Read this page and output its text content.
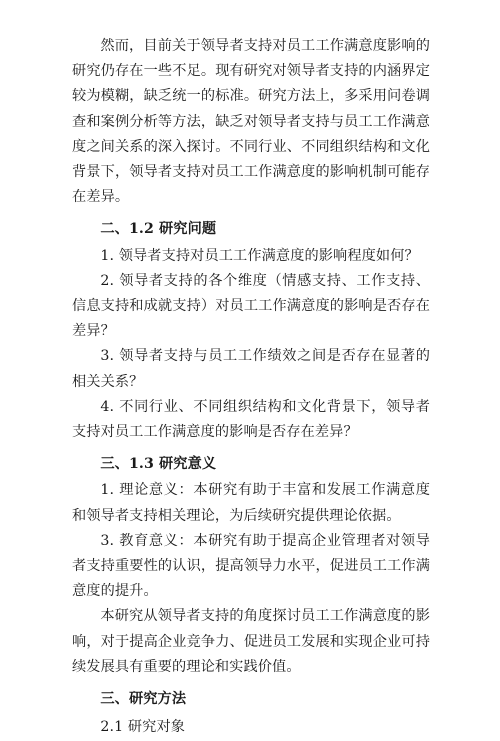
然而，目前关于领导者支持对员工工作满意度影响的研究仍存在一些不足。现有研究对领导者支持的内涵界定较为模糊，缺乏统一的标准。研究方法上，多采用问卷调查和案例分析等方法，缺乏对领导者支持与员工工作满意度之间关系的深入探讨。不同行业、不同组织结构和文化背景下，领导者支持对员工工作满意度的影响机制可能存在差异。

二、1.2 研究问题

1. 领导者支持对员工工作满意度的影响程度如何？

2. 领导者支持的各个维度（情感支持、工作支持、信息支持和成就支持）对员工工作满意度的影响是否存在差异？

3. 领导者支持与员工工作绩效之间是否存在显著的相关关系？

4. 不同行业、不同组织结构和文化背景下，领导者支持对员工工作满意度的影响是否存在差异？

三、1.3 研究意义

1. 理论意义：本研究有助于丰富和发展工作满意度和领导者支持相关理论，为后续研究提供理论依据。

3. 教育意义：本研究有助于提高企业管理者对领导者支持重要性的认识，提高领导力水平，促进员工工作满意度的提升。

本研究从领导者支持的角度探讨员工工作满意度的影响，对于提高企业竞争力、促进员工发展和实现企业可持续发展具有重要的理论和实践价值。

三、研究方法

2.1 研究对象
